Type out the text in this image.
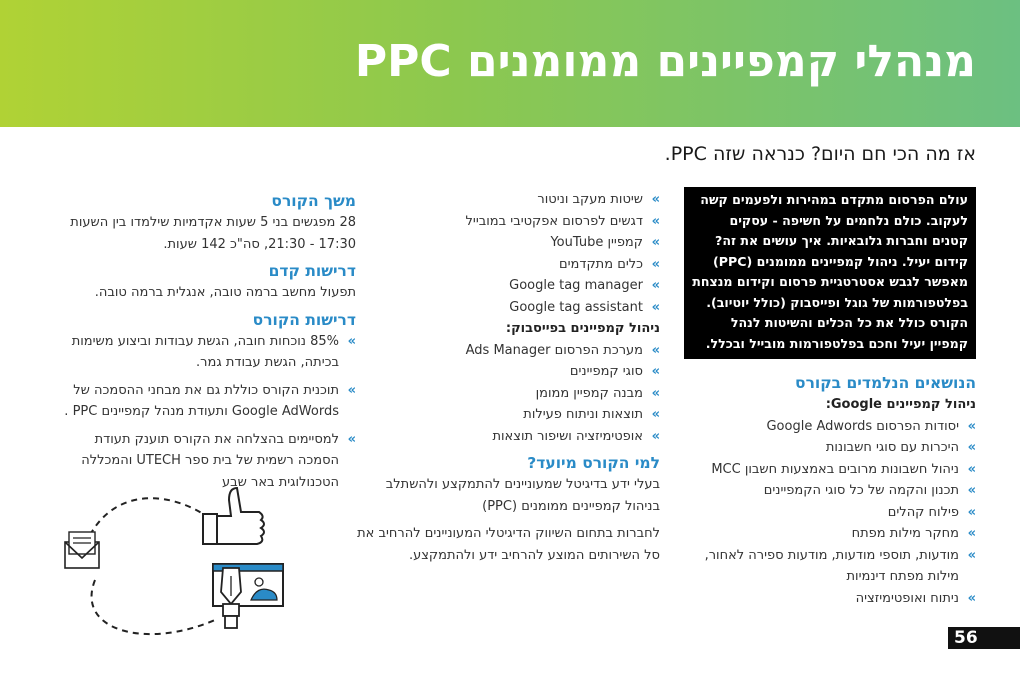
מנהלי קמפיינים ממומנים PPC
אז מה הכי חם היום? כנראה שזה PPC.

עולם הפרסום מתקדם במהירות ולפעמים קשה לעקוב. כולם נלחמים על חשיפה - עסקים קטנים וחברות גלובאיות. איך עושים את זה? קידום יעיל. ניהול קמפיינים ממומנים (PPC) מאפשר לגבש אסטרטגיית פרסום וקידום מנצחת בפלטפורמות של גוגל ופייסבוק (כולל יוטיוב).

הקורס כולל את כל הכלים והשיטות לנהל קמפיין יעיל וחכם בפלטפורמות מובייל ובכלל.

הנושאים הנלמדים בקורס
ניהול קמפיינים Google:
» יסודות הפרסום Google Adwords
» היכרות עם סוגי חשבונות
» ניהול חשבונות מרובים באמצעות חשבון MCC
» תכנון והקמה של כל סוגי הקמפיינים
» פילוח קהלים
» מחקר מילות מפתח
» מודעות, תוספי מודעות, מודעות ספירה לאחור, מילות מפתח דינמיות
» ניתוח ואופטימיזציה
» שיטות מעקב וניטור
» דגשים לפרסום אפקטיבי במובייל
» קמפיין YouTube
» כלים מתקדמים
» Google tag manager
» Google tag assistant
ניהול קמפיינים בפייסבוק:
» מערכת הפרסום Ads Manager
» סוגי קמפיינים
» מבנה קמפיין ממומן
» תוצאות וניתוח פעילות
» אופטימיזציה ושיפור תוצאות
למי הקורס מיועד?

בעלי ידע בדיגיטל שמעוניינים להתמקצע ולהשתלב בניהול קמפיינים ממומנים (PPC)

לחברות בתחום השיווק הדיגיטלי המעוניינים להרחיב את סל השירותים המוצע להרחיב ידע ולהתמקצע.

משך הקורס

28 מפגשים בני 5 שעות אקדמיות שילמדו בין השעות 17:30 - 21:30, סה"כ 142 שעות.

דרישות קדם

תפעול מחשב ברמה טובה, אנגלית ברמה טובה.

דרישות הקורס
» 85% נוכחות חובה, הגשת עבודות וביצוע משימות בכיתה, הגשת עבודת גמר.
» תוכנית הקורס כוללת גם את מבחני ההסמכה של Google AdWords ותעודת מנהל קמפיינים PPC .
» למסיימים בהצלחה את הקורס תוענק תעודת הסמכה רשמית של בית ספר UTECH והמכללה הטכנולוגית באר שבע
56
